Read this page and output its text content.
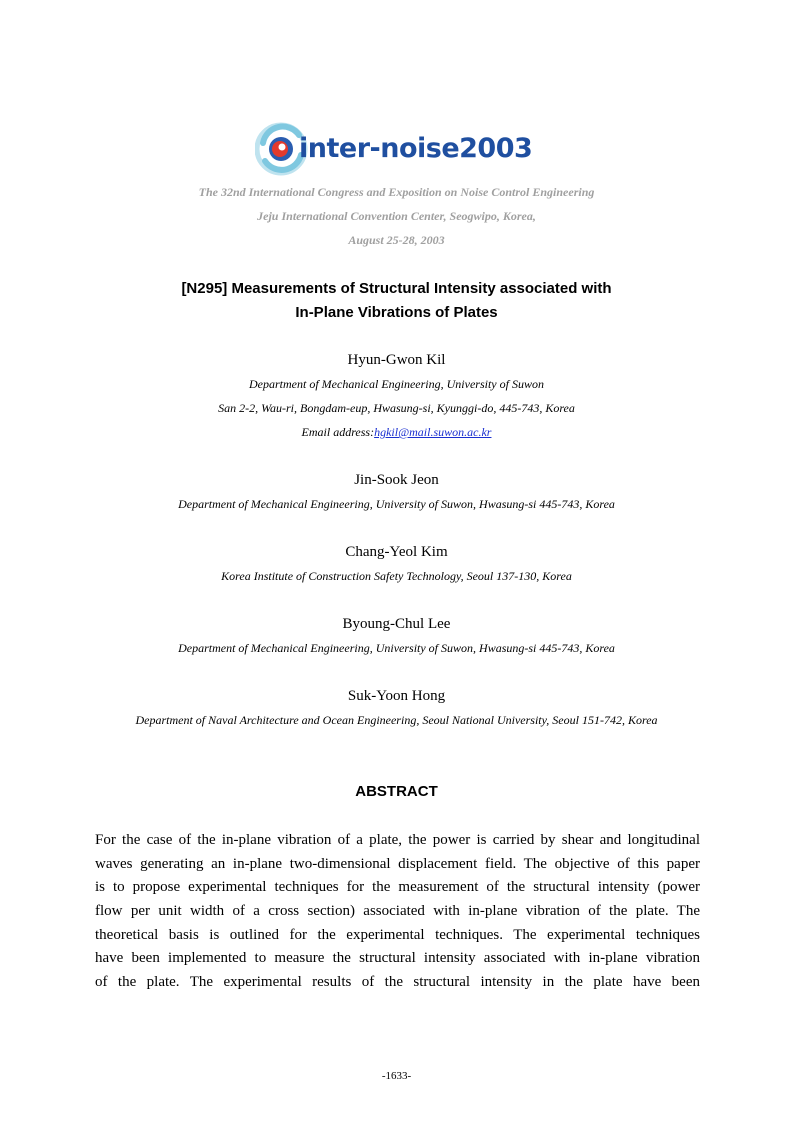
inter-noise2003
The 32nd International Congress and Exposition on Noise Control Engineering
Jeju International Convention Center, Seogwipo, Korea,
August 25-28, 2003
[N295] Measurements of Structural Intensity associated with
In-Plane Vibrations of Plates
Hyun-Gwon Kil
Department of Mechanical Engineering, University of Suwon
San 2-2, Wau-ri, Bongdam-eup, Hwasung-si, Kyunggi-do, 445-743, Korea
Email address:hgkil@mail.suwon.ac.kr
Jin-Sook Jeon
Department of Mechanical Engineering, University of Suwon, Hwasung-si 445-743, Korea
Chang-Yeol Kim
Korea Institute of Construction Safety Technology, Seoul 137-130, Korea
Byoung-Chul Lee
Department of Mechanical Engineering, University of Suwon, Hwasung-si 445-743, Korea
Suk-Yoon Hong
Department of Naval Architecture and Ocean Engineering, Seoul National University, Seoul 151-742, Korea
ABSTRACT
For the case of the in-plane vibration of a plate, the power is carried by shear and longitudinal
waves generating an in-plane two-dimensional displacement field. The objective of this paper
is to propose experimental techniques for the measurement of the structural intensity (power
flow per unit width of a cross section) associated with in-plane vibration of the plate. The
theoretical basis is outlined for the experimental techniques. The experimental techniques
have been implemented to measure the structural intensity associated with in-plane vibration
of the plate. The experimental results of the structural intensity in the plate have been
-1633-
